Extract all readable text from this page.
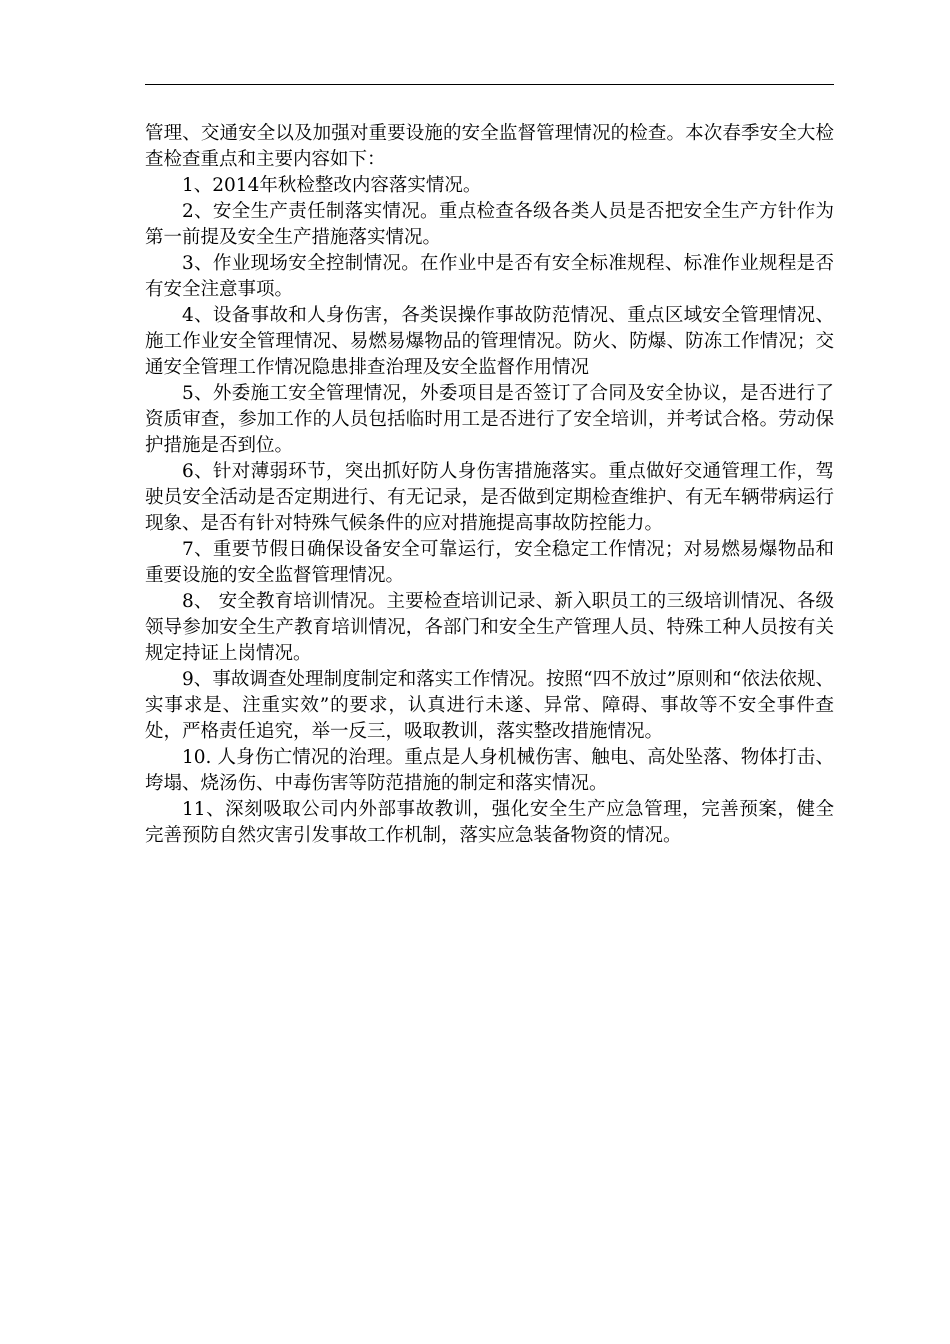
管理、交通安全以及加强对重要设施的安全监督管理情况的检查。本次春季安全大检查检查重点和主要内容如下：

1、2014年秋检整改内容落实情况。

2、安全生产责任制落实情况。重点检查各级各类人员是否把安全生产方针作为第一前提及安全生产措施落实情况。

3、作业现场安全控制情况。在作业中是否有安全标准规程、标准作业规程是否有安全注意事项。

4、设备事故和人身伤害，各类误操作事故防范情况、重点区域安全管理情况、施工作业安全管理情况、易燃易爆物品的管理情况。防火、防爆、防冻工作情况；交通安全管理工作情况隐患排查治理及安全监督作用情况

5、外委施工安全管理情况，外委项目是否签订了合同及安全协议，是否进行了资质审查，参加工作的人员包括临时用工是否进行了安全培训，并考试合格。劳动保护措施是否到位。

6、针对薄弱环节，突出抓好防人身伤害措施落实。重点做好交通管理工作，驾驶员安全活动是否定期进行、有无记录，是否做到定期检查维护、有无车辆带病运行现象、是否有针对特殊气候条件的应对措施提高事故防控能力。

7、重要节假日确保设备安全可靠运行，安全稳定工作情况；对易燃易爆物品和重要设施的安全监督管理情况。

8、 安全教育培训情况。主要检查培训记录、新入职员工的三级培训情况、各级领导参加安全生产教育培训情况，各部门和安全生产管理人员、特殊工种人员按有关规定持证上岗情况。

9、事故调查处理制度制定和落实工作情况。按照“四不放过”原则和“依法依规、实事求是、注重实效”的要求，认真进行未遂、异常、障碍、事故等不安全事件查处，严格责任追究，举一反三，吸取教训，落实整改措施情况。

10. 人身伤亡情况的治理。重点是人身机械伤害、触电、高处坠落、物体打击、垮塌、烧汤伤、中毒伤害等防范措施的制定和落实情况。

11、深刻吸取公司内外部事故教训，强化安全生产应急管理，完善预案，健全完善预防自然灾害引发事故工作机制，落实应急装备物资的情况。
